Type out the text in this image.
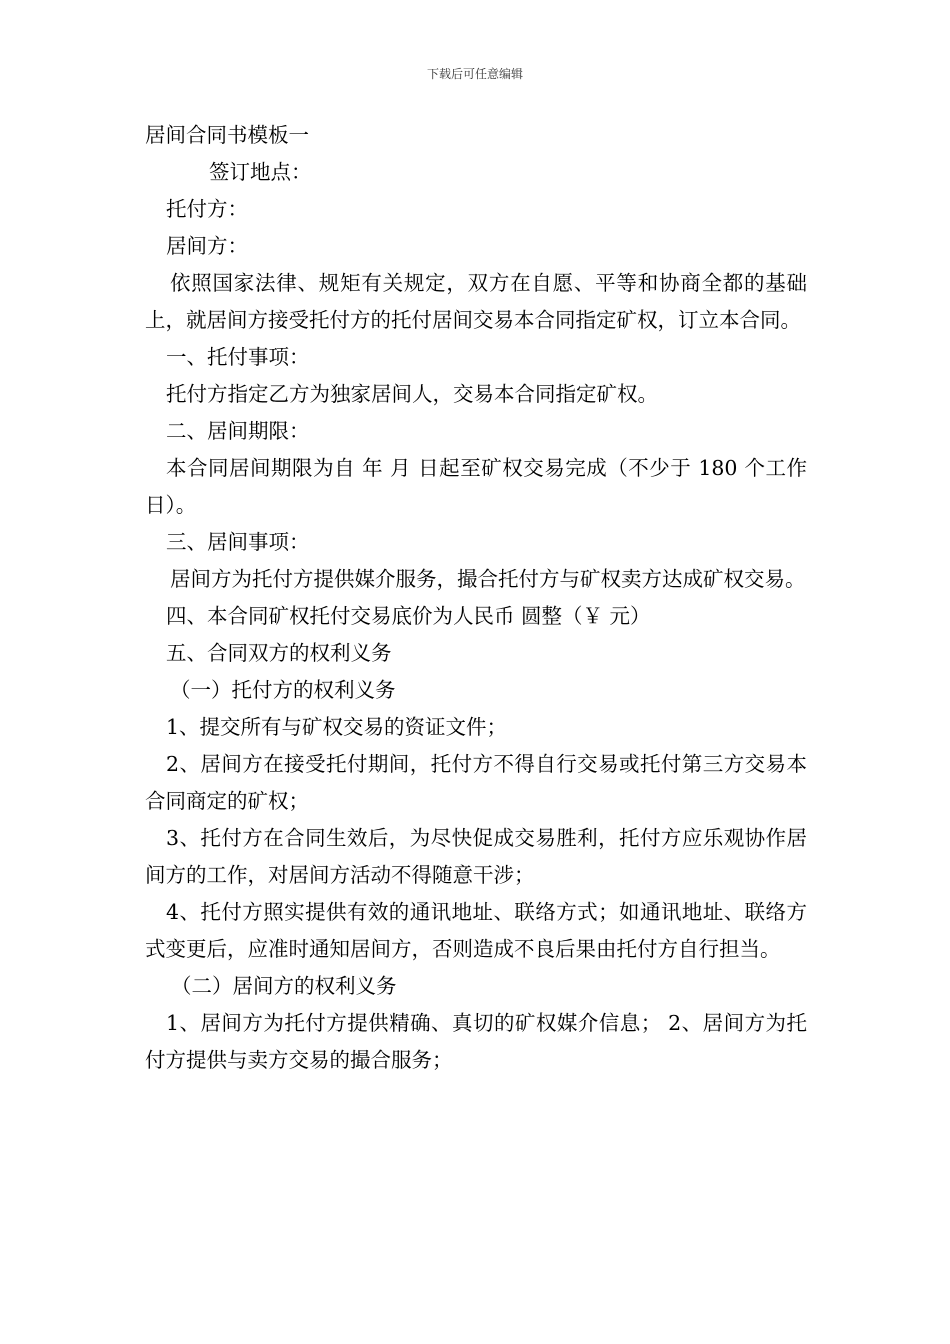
下载后可任意编辑

居间合同书模板一

签订地点：

托付方：

居间方：

依照国家法律、规矩有关规定，双方在自愿、平等和协商全都的基础上，就居间方接受托付方的托付居间交易本合同指定矿权，订立本合同。

一、托付事项：

托付方指定乙方为独家居间人，交易本合同指定矿权。

二、居间期限：

本合同居间期限为自 年 月 日起至矿权交易完成（不少于 180 个工作日）。

三、居间事项：

居间方为托付方提供媒介服务，撮合托付方与矿权卖方达成矿权交易。

四、本合同矿权托付交易底价为人民币 圆整（￥ 元）

五、合同双方的权利义务

（一）托付方的权利义务

1、提交所有与矿权交易的资证文件；

2、居间方在接受托付期间，托付方不得自行交易或托付第三方交易本合同商定的矿权；

3、托付方在合同生效后，为尽快促成交易胜利，托付方应乐观协作居间方的工作，对居间方活动不得随意干涉；

4、托付方照实提供有效的通讯地址、联络方式；如通讯地址、联络方式变更后，应准时通知居间方，否则造成不良后果由托付方自行担当。

（二）居间方的权利义务

1、居间方为托付方提供精确、真切的矿权媒介信息； 2、居间方为托付方提供与卖方交易的撮合服务；
